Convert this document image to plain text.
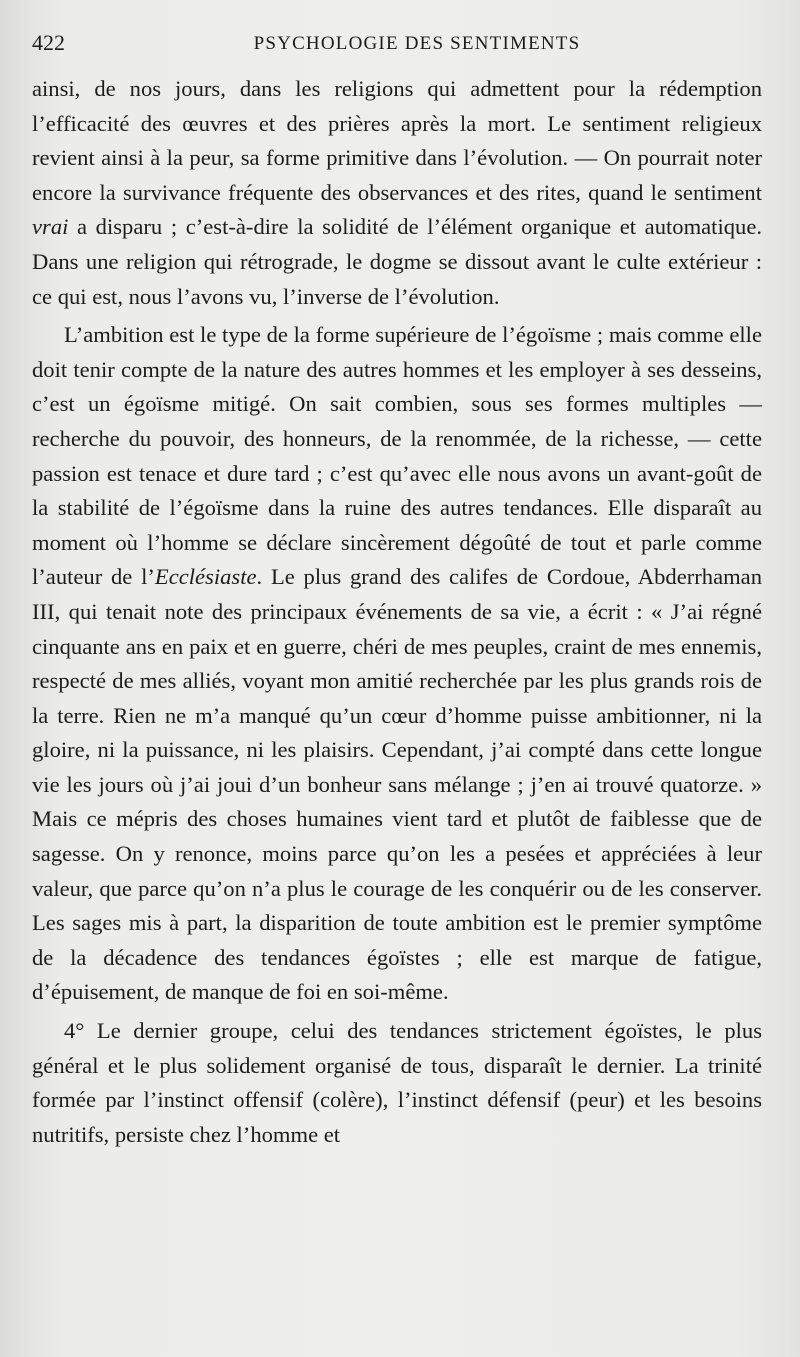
422	PSYCHOLOGIE DES SENTIMENTS

ainsi, de nos jours, dans les religions qui admettent pour la rédemption l’efficacité des œuvres et des prières après la mort. Le sentiment religieux revient ainsi à la peur, sa forme primitive dans l’évolution. — On pourrait noter encore la survivance fréquente des observances et des rites, quand le sentiment vrai a disparu ; c’est-à-dire la solidité de l’élément organique et automatique. Dans une religion qui rétrograde, le dogme se dissout avant le culte extérieur : ce qui est, nous l’avons vu, l’inverse de l’évolution.

L’ambition est le type de la forme supérieure de l’égoïsme ; mais comme elle doit tenir compte de la nature des autres hommes et les employer à ses desseins, c’est un égoïsme mitigé. On sait combien, sous ses formes multiples — recherche du pouvoir, des honneurs, de la renommée, de la richesse, — cette passion est tenace et dure tard ; c’est qu’avec elle nous avons un avant-goût de la stabilité de l’égoïsme dans la ruine des autres tendances. Elle disparaît au moment où l’homme se déclare sincèrement dégoûté de tout et parle comme l’auteur de l’Ecclésiaste. Le plus grand des califes de Cordoue, Abderrhaman III, qui tenait note des principaux événements de sa vie, a écrit : « J’ai régné cinquante ans en paix et en guerre, chéri de mes peuples, craint de mes ennemis, respecté de mes alliés, voyant mon amitié recherchée par les plus grands rois de la terre. Rien ne m’a manqué qu’un cœur d’homme puisse ambitionner, ni la gloire, ni la puissance, ni les plaisirs. Cependant, j’ai compté dans cette longue vie les jours où j’ai joui d’un bonheur sans mélange ; j’en ai trouvé quatorze. » Mais ce mépris des choses humaines vient tard et plutôt de faiblesse que de sagesse. On y renonce, moins parce qu’on les a pesées et appréciées à leur valeur, que parce qu’on n’a plus le courage de les conquérir ou de les conserver. Les sages mis à part, la disparition de toute ambition est le premier symptôme de la décadence des tendances égoïstes ; elle est marque de fatigue, d’épuisement, de manque de foi en soi-même.

4° Le dernier groupe, celui des tendances strictement égoïstes, le plus général et le plus solidement organisé de tous, disparaît le dernier. La trinité formée par l’instinct offensif (colère), l’instinct défensif (peur) et les besoins nutritifs, persiste chez l’homme et
